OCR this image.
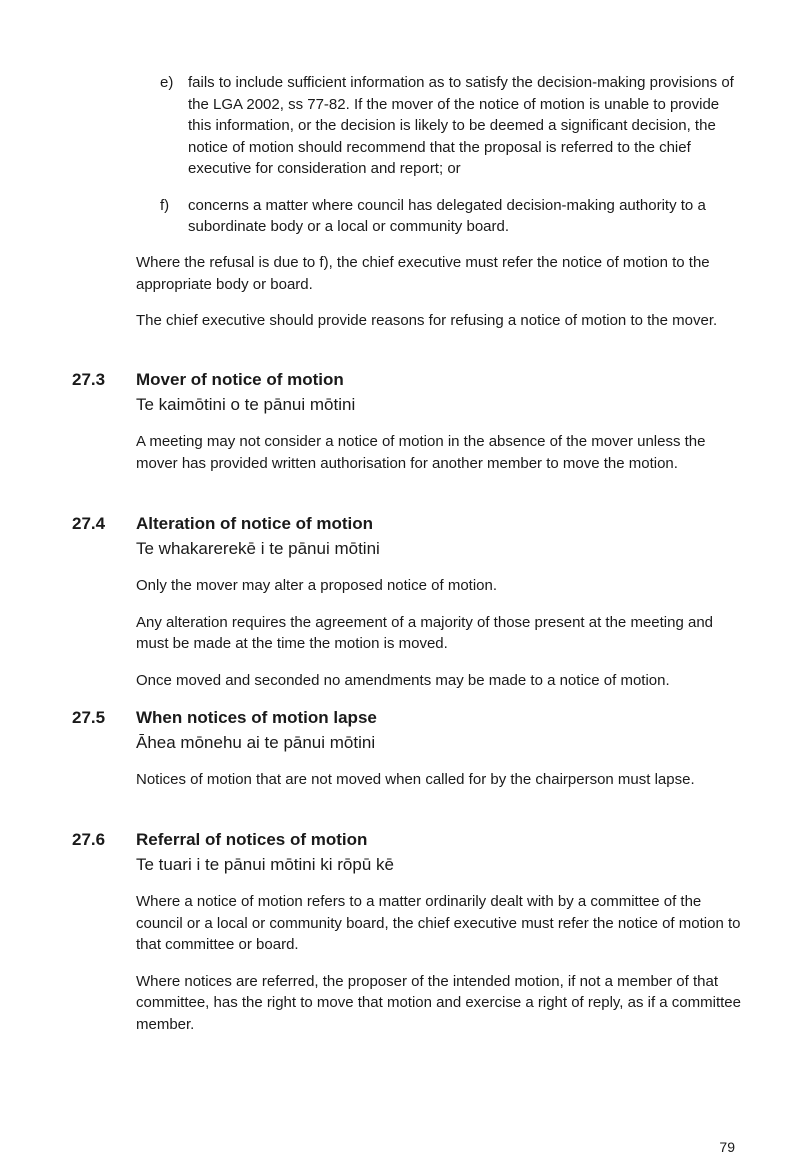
e) fails to include sufficient information as to satisfy the decision-making provisions of the LGA 2002, ss 77-82. If the mover of the notice of motion is unable to provide this information, or the decision is likely to be deemed a significant decision, the notice of motion should recommend that the proposal is referred to the chief executive for consideration and report; or
f)	concerns a matter where council has delegated decision-making authority to a subordinate body or a local or community board.

Where the refusal is due to f), the chief executive must refer the notice of motion to the appropriate body or board.

The chief executive should provide reasons for refusing a notice of motion to the mover.

27.3	Mover of notice of motion
Te kaimōtini o te pānui mōtini

A meeting may not consider a notice of motion in the absence of the mover unless the mover has provided written authorisation for another member to move the motion.

27.4	Alteration of notice of motion
Te whakarerekē i te pānui mōtini

Only the mover may alter a proposed notice of motion.

Any alteration requires the agreement of a majority of those present at the meeting and must be made at the time the motion is moved.

Once moved and seconded no amendments may be made to a notice of motion.

27.5	When notices of motion lapse
Āhea mōnehu ai te pānui mōtini

Notices of motion that are not moved when called for by the chairperson must lapse.

27.6	Referral of notices of motion
Te tuari i te pānui mōtini ki rōpū kē

Where a notice of motion refers to a matter ordinarily dealt with by a committee of the council or a local or community board, the chief executive must refer the notice of motion to that committee or board.

Where notices are referred, the proposer of the intended motion, if not a member of that committee, has the right to move that motion and exercise a right of reply, as if a committee member.

79
